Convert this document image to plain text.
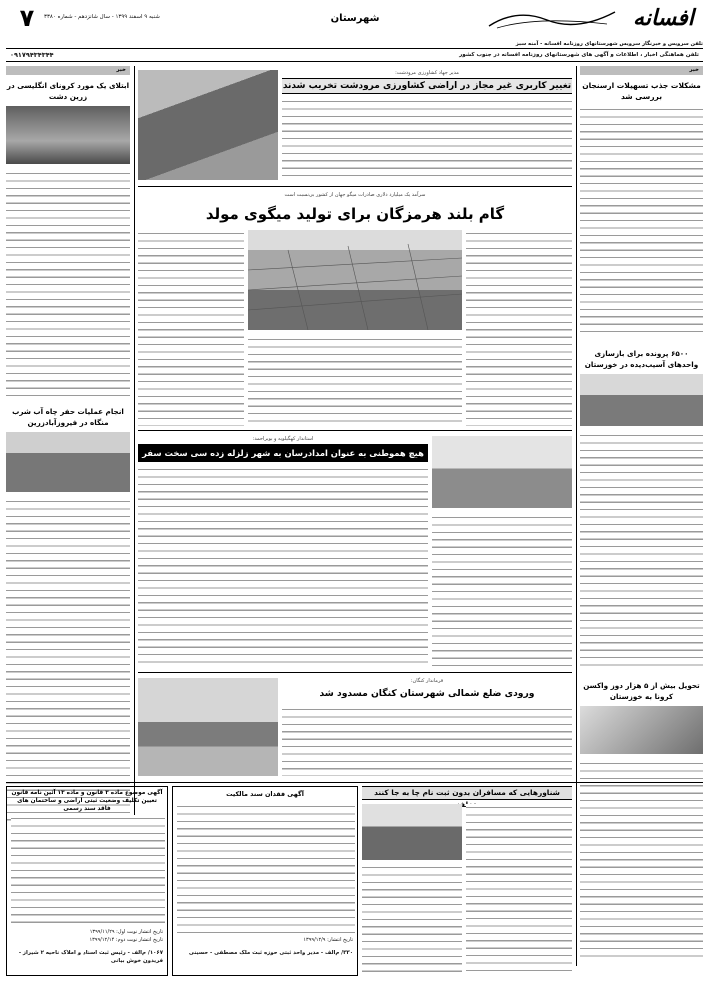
افسانه
شهرستان
۷	شنبه ۹ اسفند ۱۳۹۹ - سال شانزدهم - شماره ۳۳۸۰
تلفن سرویس و خبرنگار سرویس شهرستانهای روزنامه افسانه - آمنه سبز
تلفن هماهنگی اخبار ، اطلاعات و آگهی های شهرستانهای روزنامه افسانه در جنوب کشور
۰۹۱۷۹۴۳۴۳۴۴
خبر
مشکلات جذب تسهیلات ارسنجان بررسی شد
۶۵۰۰ پرونده برای بازسازی واحدهای آسیب‌دیده در خوزستان
تحویل بیش از ۵ هزار دوز واکسن کرونا به خوزستان
خبر
ابتلای یک مورد کرونای انگلیسی در زرین دشت
انجام عملیات حفر چاه آب شرب منگاه در فیروزآبادزرین
مدیر جهاد کشاورزی مرودشت:
تغییر کاربری غیر مجاز در اراضی کشاورزی مرودشت تخریب شدند
سرآمد یک میلیارد دلاری صادرات میگو جهان از کشور بی‌نسبت است
گام بلند هرمزگان برای تولید میگوی مولد
استاندار کهگیلویه و بویراحمد:
هیچ هموطنی به عنوان امدادرسان به شهر زلزله زده سی سخت سفر
فرماندار کنگان:
ورودی ضلع شمالی شهرستان کنگان مسدود شد
آگهی موضوع ماده ۳ قانون و ماده ۱۳ آئین نامه قانون تعیین تکلیف وضعیت ثبتی اراضی و ساختمان های فاقد سند رسمی
تاریخ انتشار نوبت اول: ۱۳۹۹/۱۱/۲۹
تاریخ انتشار نوبت دوم: ۱۳۹۹/۱۲/۱۴
۱۰۶۷/ م‌الف - رئیس ثبت اسناد و املاک ناحیه ۲ شیراز - فریدون خوش بیانی
آگهی فقدان سند مالکیت
تاریخ انتشار: ۱۳۹۹/۱۲/۹
۳۳۰/ م‌الف - مدیر واحد ثبتی حوزه ثبت ملک مصطفی - حسینی
شناورهایی که مسافران بدون ثبت‌ نام چا به جا کنند
